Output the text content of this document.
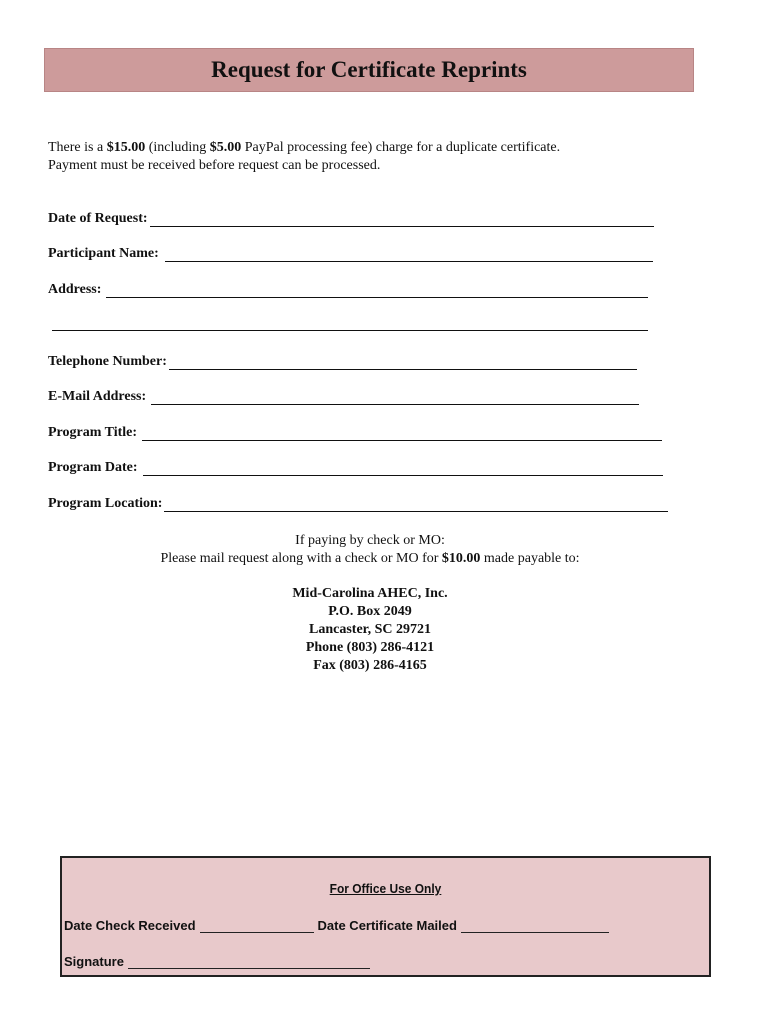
Request for Certificate Reprints
There is a $15.00 (including $5.00 PayPal processing fee) charge for a duplicate certificate.
Payment must be received before request can be processed.
Date of Request:
Participant Name:
Address:
Telephone Number:
E-Mail Address:
Program Title:
Program Date:
Program Location:
If paying by check or MO:
Please mail request along with a check or MO for $10.00 made payable to:
Mid-Carolina AHEC, Inc.
P.O. Box 2049
Lancaster, SC 29721
Phone (803) 286-4121
Fax (803) 286-4165
For Office Use Only
Date Check Received	Date Certificate Mailed
Signature
